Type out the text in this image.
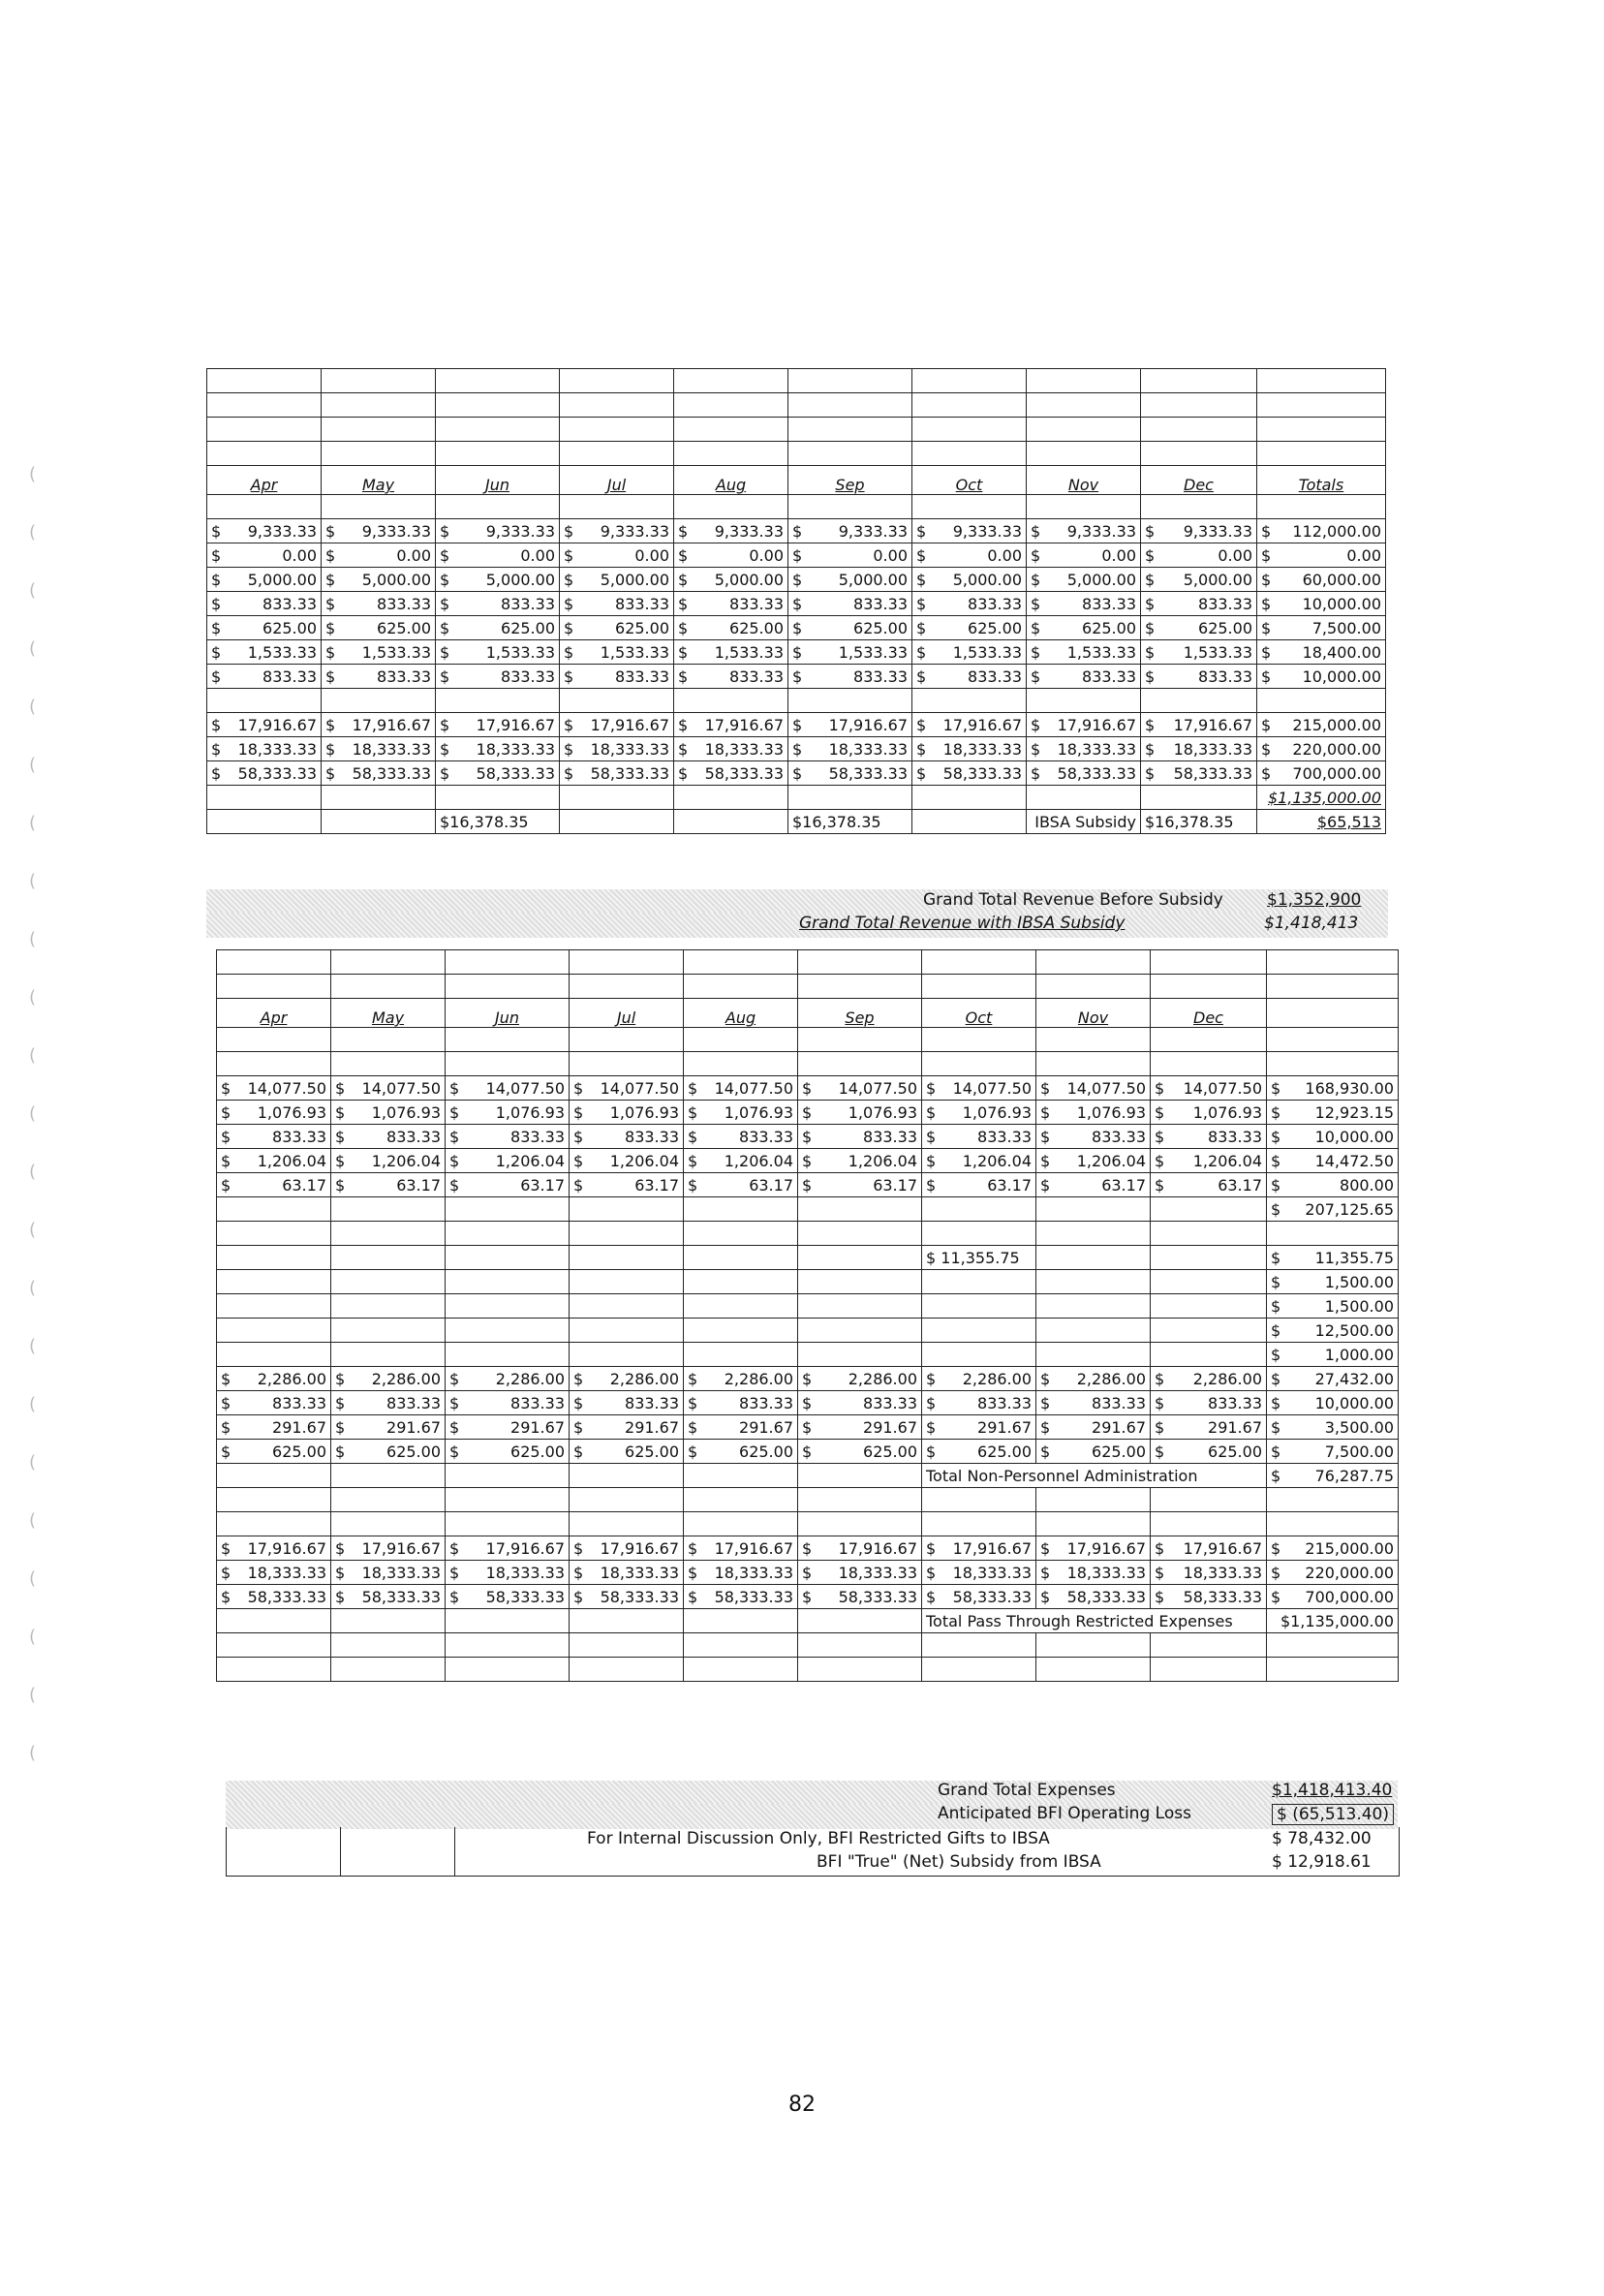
Apr	May	Jun	Jul	Aug	Sep	Oct	Nov	Dec	Totals

$ 9,333.33	$ 9,333.33	$ 9,333.33	$ 9,333.33	$ 9,333.33	$ 9,333.33	$ 9,333.33	$ 9,333.33	$ 9,333.33	$ 112,000.00

$ 0.00	$ 0.00	$ 0.00	$ 0.00	$ 0.00	$ 0.00	$ 0.00	$ 0.00	$ 0.00	$ 0.00

$ 5,000.00	$ 5,000.00	$ 5,000.00	$ 5,000.00	$ 5,000.00	$ 5,000.00	$ 5,000.00	$ 5,000.00	$ 5,000.00	$ 60,000.00

$ 833.33	$ 833.33	$ 833.33	$ 833.33	$ 833.33	$ 833.33	$ 833.33	$ 833.33	$ 833.33	$ 10,000.00

$ 625.00	$ 625.00	$ 625.00	$ 625.00	$ 625.00	$ 625.00	$ 625.00	$ 625.00	$ 625.00	$ 7,500.00

$ 1,533.33	$ 1,533.33	$ 1,533.33	$ 1,533.33	$ 1,533.33	$ 1,533.33	$ 1,533.33	$ 1,533.33	$ 1,533.33	$ 18,400.00

$ 833.33	$ 833.33	$ 833.33	$ 833.33	$ 833.33	$ 833.33	$ 833.33	$ 833.33	$ 833.33	$ 10,000.00

$ 17,916.67	$ 17,916.67	$ 17,916.67	$ 17,916.67	$ 17,916.67	$ 17,916.67	$ 17,916.67	$ 17,916.67	$ 17,916.67	$ 215,000.00

$ 18,333.33	$ 18,333.33	$ 18,333.33	$ 18,333.33	$ 18,333.33	$ 18,333.33	$ 18,333.33	$ 18,333.33	$ 18,333.33	$ 220,000.00

$ 58,333.33	$ 58,333.33	$ 58,333.33	$ 58,333.33	$ 58,333.33	$ 58,333.33	$ 58,333.33	$ 58,333.33	$ 58,333.33	$ 700,000.00

									$1,135,000.00
		$16,378.35			$16,378.35		IBSA Subsidy	$16,378.35	$65,513

Apr	May	Jun	Jul	Aug	Sep	Oct	Nov	Dec	

$ 14,077.50	$ 14,077.50	$ 14,077.50	$ 14,077.50	$ 14,077.50	$ 14,077.50	$ 14,077.50	$ 14,077.50	$ 14,077.50	$ 168,930.00

$ 1,076.93	$ 1,076.93	$ 1,076.93	$ 1,076.93	$ 1,076.93	$ 1,076.93	$ 1,076.93	$ 1,076.93	$ 1,076.93	$ 12,923.15

$ 833.33	$ 833.33	$ 833.33	$ 833.33	$ 833.33	$ 833.33	$ 833.33	$ 833.33	$ 833.33	$ 10,000.00

$ 1,206.04	$ 1,206.04	$ 1,206.04	$ 1,206.04	$ 1,206.04	$ 1,206.04	$ 1,206.04	$ 1,206.04	$ 1,206.04	$ 14,472.50

$ 63.17	$ 63.17	$ 63.17	$ 63.17	$ 63.17	$ 63.17	$ 63.17	$ 63.17	$ 63.17	$ 800.00

									$ 207,125.65

						$ 11,355.75			$ 11,355.75

									$ 1,500.00

									$ 1,500.00

									$ 12,500.00

									$ 1,000.00

$ 2,286.00	$ 2,286.00	$ 2,286.00	$ 2,286.00	$ 2,286.00	$ 2,286.00	$ 2,286.00	$ 2,286.00	$ 2,286.00	$ 27,432.00

$ 833.33	$ 833.33	$ 833.33	$ 833.33	$ 833.33	$ 833.33	$ 833.33	$ 833.33	$ 833.33	$ 10,000.00

$ 291.67	$ 291.67	$ 291.67	$ 291.67	$ 291.67	$ 291.67	$ 291.67	$ 291.67	$ 291.67	$ 3,500.00

$ 625.00	$ 625.00	$ 625.00	$ 625.00	$ 625.00	$ 625.00	$ 625.00	$ 625.00	$ 625.00	$ 7,500.00

						Total Non-Personnel Administration			$ 76,287.75

$ 17,916.67	$ 17,916.67	$ 17,916.67	$ 17,916.67	$ 17,916.67	$ 17,916.67	$ 17,916.67	$ 17,916.67	$ 17,916.67	$ 215,000.00

$ 18,333.33	$ 18,333.33	$ 18,333.33	$ 18,333.33	$ 18,333.33	$ 18,333.33	$ 18,333.33	$ 18,333.33	$ 18,333.33	$ 220,000.00

$ 58,333.33	$ 58,333.33	$ 58,333.33	$ 58,333.33	$ 58,333.33	$ 58,333.33	$ 58,333.33	$ 58,333.33	$ 58,333.33	$ 700,000.00

						Total Pass Through Restricted Expenses			$1,135,000.00

Grand Total Revenue Before Subsidy	$1,352,900
Grand Total Revenue with IBSA Subsidy	$1,418,413
Grand Total Expenses	$1,418,413.40
Anticipated BFI Operating Loss	$ (65,513.40)
For Internal Discussion Only, BFI Restricted Gifts to IBSA	$ 78,432.00
BFI "True" (Net) Subsidy from IBSA	$ 12,918.61
(
(
(
(
(
(
(
(
(
(
(
(
(
(
(
(
(
(
(
(
(
(
(
82
